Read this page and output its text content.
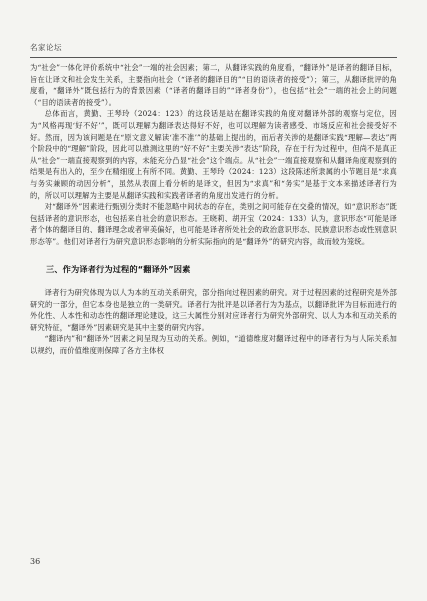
名家论坛

为“社会”一体化评价系统中“社会”一端的社会因素；第二，从翻译实践的角度看，“翻译外”是译者的翻译目标，旨在让译文和社会发生关系，主要指向社会（“译者的翻译目的”“目的语读者的接受”）；第三，从翻译批评的角度看，“翻译外”既包括行为的背景因素（“译者的翻译目的”“译者身份”），也包括“社会”一端的社会上的问题（“目的语读者的接受”）。

总体而言，黄勤、王琴玲（2024：123）的这段话是站在翻译实践的角度对翻译外部的观察与定位，因为“风格再现‘好不好’”，既可以理解为翻译表达得好不好，也可以理解为读者感受、市场反应和社会接受好不好。然而，因为该问题是在“原文意义解读‘准不准’”的基础上提出的，而后者关涉的是翻译实践“理解—表达”两个阶段中的“理解”阶段，因此可以推测这里的“好不好”主要关涉“表达”阶段，存在于行为过程中，但尚不是真正从“社会”一端直接观察到的内容，未能充分凸显“社会”这个端点。从“社会”一端直接观察和从翻译角度观察到的结果是有出入的，至少在精细度上有所不同。黄勤、王琴玲（2024：123）这段陈述所隶属的小节题目是“求真与务实兼顾的动因分析”，虽然从表面上看分析的是译文，但因为“求真”和“务实”是基于文本来描述译者行为的，所以可以理解为主要是从翻译实践和实践者译者的角度出发进行的分析。

对“翻译外”因素进行甄别分类时不能忽略中间状态的存在，类别之间可能存在交叠的情况，如“意识形态”既包括译者的意识形态，也包括来自社会的意识形态。王晓莉、胡开宝（2024：133）认为，意识形态“可能是译者个体的翻译目的、翻译理念或者审美偏好，也可能是译者所处社会的政治意识形态、民族意识形态或性别意识形态等”。他们对译者行为研究意识形态影响的分析实际指向的是“翻译外”的研究内容，故而较为笼统。

三、作为译者行为过程的“翻译外”因素

译者行为研究体现为以人为本的互动关系研究，部分指向过程因素的研究。对于过程因素的过程研究是外部研究的一部分，但它本身也是独立的一类研究。译者行为批评是以译者行为为基点，以翻译批评为目标而进行的外化性、人本性和动态性的翻译理论建设，这三大属性分别对应译者行为研究外部研究、以人为本和互动关系的研究特征，“翻译外”因素研究是其中主要的研究内容。

“翻译内”和“翻译外”因素之间呈现为互动的关系。例如，“道德维度对翻译过程中的译者行为与人际关系加以规约，而价值维度则保障了各方主体权

36
